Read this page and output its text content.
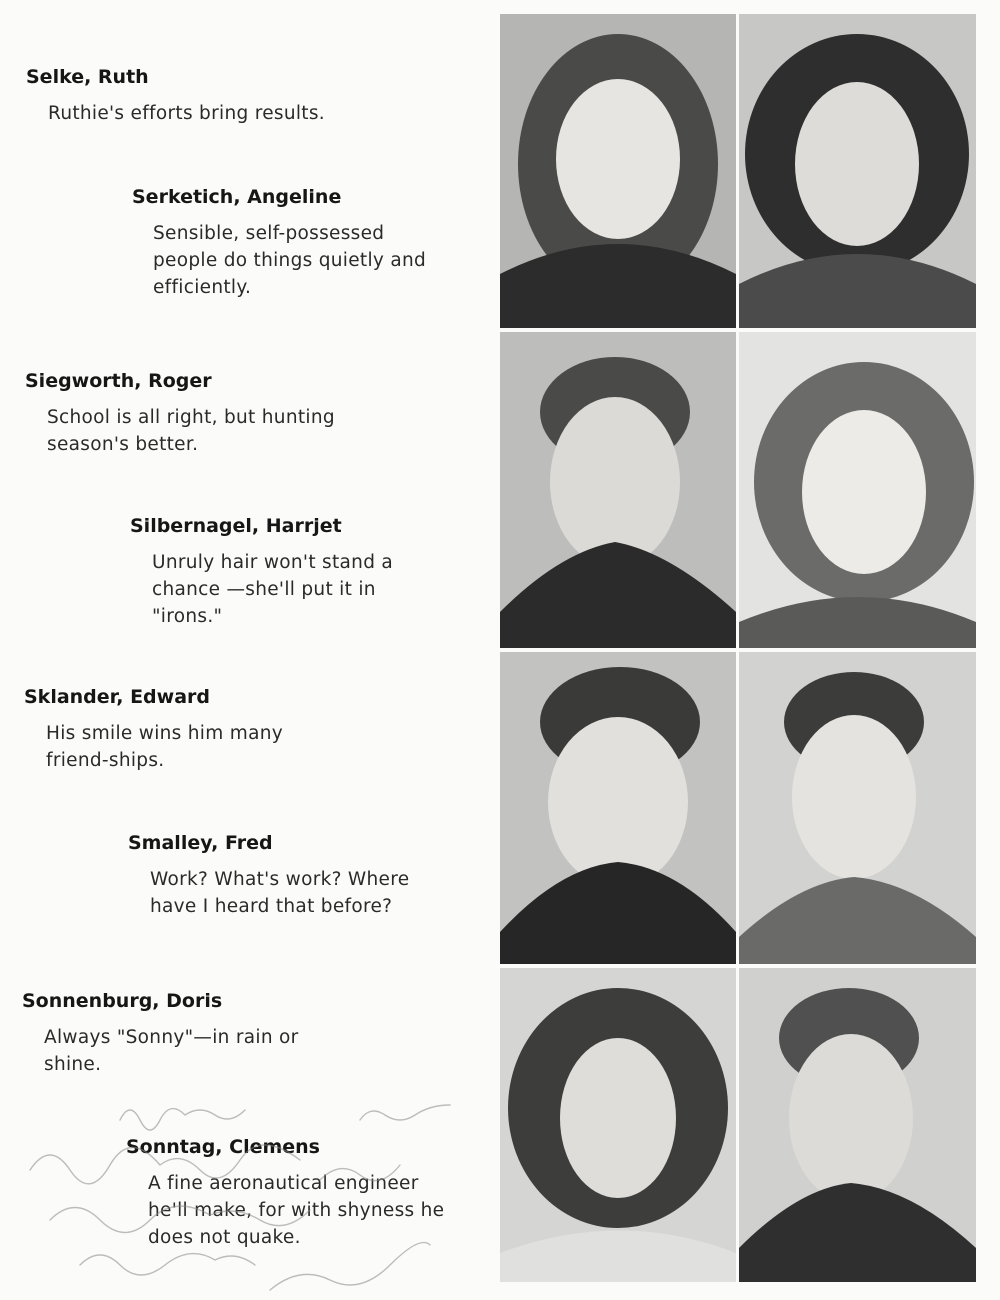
Selke, Ruth

Ruthie's efforts bring results.

Serketich, Angeline

Sensible, self-possessed people do things quietly and efficiently.

Siegworth, Roger

School is all right, but hunting season's better.

Silbernagel, Harrjet

Unruly hair won't stand a chance —she'll put it in "irons."

Sklander, Edward

His smile wins him many friend-ships.

Smalley, Fred

Work? What's work? Where have I heard that before?

Sonnenburg, Doris

Always "Sonny"—in rain or shine.

Sonntag, Clemens

A fine aeronautical engineer he'll make, for with shyness he does not quake.
